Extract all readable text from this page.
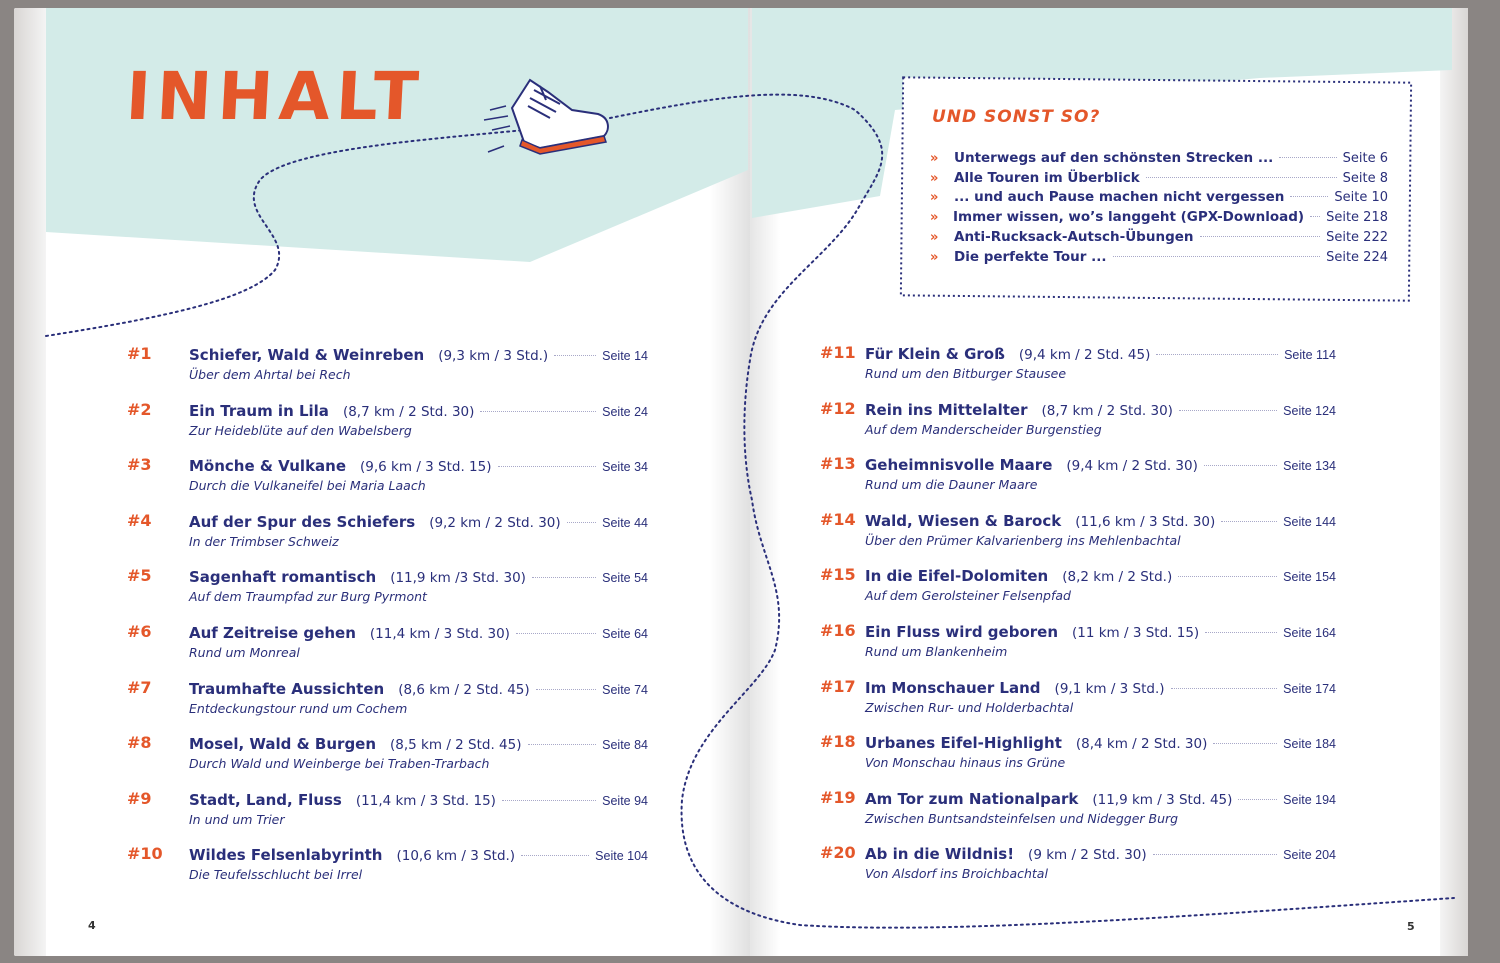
INHALT
#1 Schiefer, Wald & Weinreben (9,3 km / 3 Std.)	Seite 14
Über dem Ahrtal bei Rech
#2 Ein Traum in Lila (8,7 km / 2 Std. 30)	Seite 24
Zur Heideblüte auf den Wabelsberg
#3 Mönche & Vulkane (9,6 km / 3 Std. 15)	Seite 34
Durch die Vulkaneifel bei Maria Laach
#4 Auf der Spur des Schiefers (9,2 km / 2 Std. 30)	Seite 44
In der Trimbser Schweiz
#5 Sagenhaft romantisch (11,9 km /3 Std. 30)	Seite 54
Auf dem Traumpfad zur Burg Pyrmont
#6 Auf Zeitreise gehen (11,4 km / 3 Std. 30)	Seite 64
Rund um Monreal
#7 Traumhafte Aussichten (8,6 km / 2 Std. 45)	Seite 74
Entdeckungstour rund um Cochem
#8 Mosel, Wald & Burgen (8,5 km / 2 Std. 45)	Seite 84
Durch Wald und Weinberge bei Traben-Trarbach
#9 Stadt, Land, Fluss (11,4 km / 3 Std. 15)	Seite 94
In und um Trier
#10 Wildes Felsenlabyrinth (10,6 km / 3 Std.)	Seite 104
Die Teufelsschlucht bei Irrel
#11 Für Klein & Groß (9,4 km / 2 Std. 45)	Seite 114
Rund um den Bitburger Stausee
#12 Rein ins Mittelalter (8,7 km / 2 Std. 30)	Seite 124
Auf dem Manderscheider Burgenstieg
#13 Geheimnisvolle Maare (9,4 km / 2 Std. 30)	Seite 134
Rund um die Dauner Maare
#14 Wald, Wiesen & Barock (11,6 km / 3 Std. 30)	Seite 144
Über den Prümer Kalvarienberg ins Mehlenbachtal
#15 In die Eifel-Dolomiten (8,2 km / 2 Std.)	Seite 154
Auf dem Gerolsteiner Felsenpfad
#16 Ein Fluss wird geboren (11 km / 3 Std. 15)	Seite 164
Rund um Blankenheim
#17 Im Monschauer Land (9,1 km / 3 Std.)	Seite 174
Zwischen Rur- und Holderbachtal
#18 Urbanes Eifel-Highlight (8,4 km / 2 Std. 30)	Seite 184
Von Monschau hinaus ins Grüne
#19 Am Tor zum Nationalpark (11,9 km / 3 Std. 45)	Seite 194
Zwischen Buntsandsteinfelsen und Nidegger Burg
#20 Ab in die Wildnis! (9 km / 2 Std. 30)	Seite 204
Von Alsdorf ins Broichbachtal
UND SONST SO?
»	Unterwegs auf den schönsten Strecken ...	Seite 6
»	Alle Touren im Überblick	Seite 8
»	... und auch Pause machen nicht vergessen	Seite 10
»	Immer wissen, wo’s langgeht (GPX-Download) Seite 218
»	Anti-Rucksack-Autsch-Übungen	Seite 222
»	Die perfekte Tour ...	Seite 224
4	5
